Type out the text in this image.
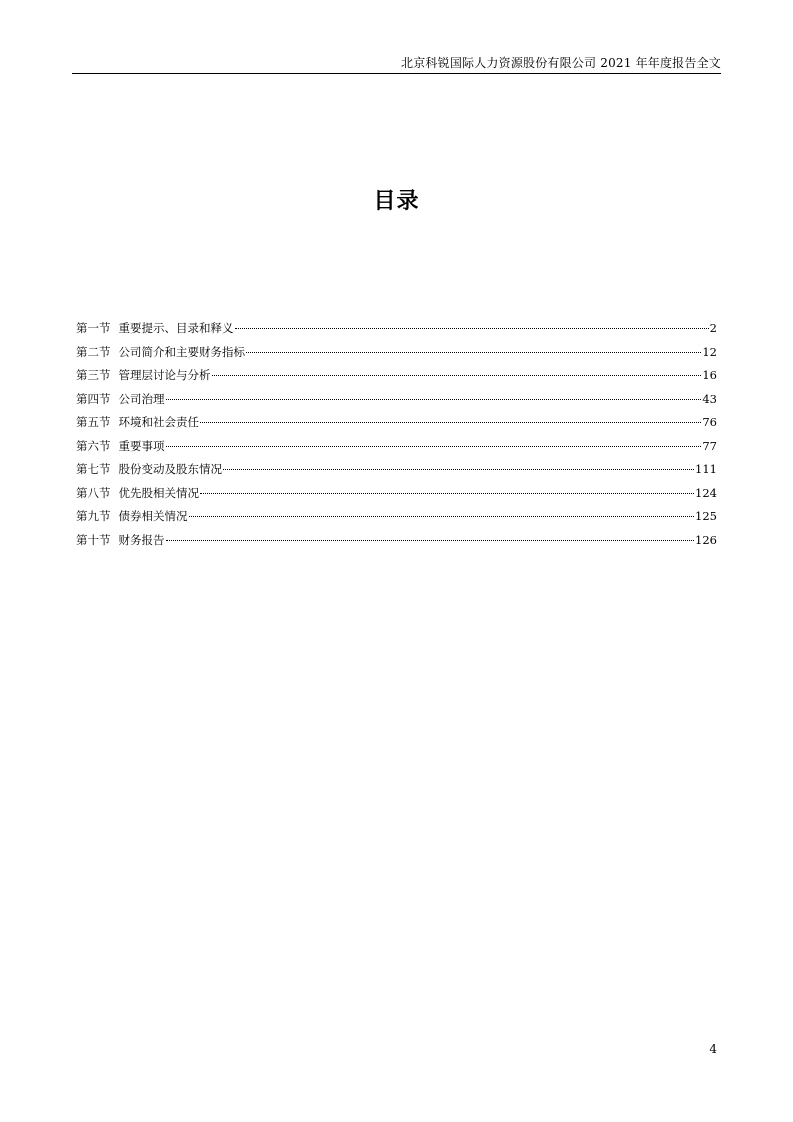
北京科锐国际人力资源股份有限公司 2021 年年度报告全文
目录
第一节 重要提示、目录和释义	2
第二节 公司简介和主要财务指标	12
第三节 管理层讨论与分析	16
第四节 公司治理	43
第五节 环境和社会责任	76
第六节 重要事项	77
第七节 股份变动及股东情况	111
第八节 优先股相关情况	124
第九节 债券相关情况	125
第十节 财务报告	126
4
